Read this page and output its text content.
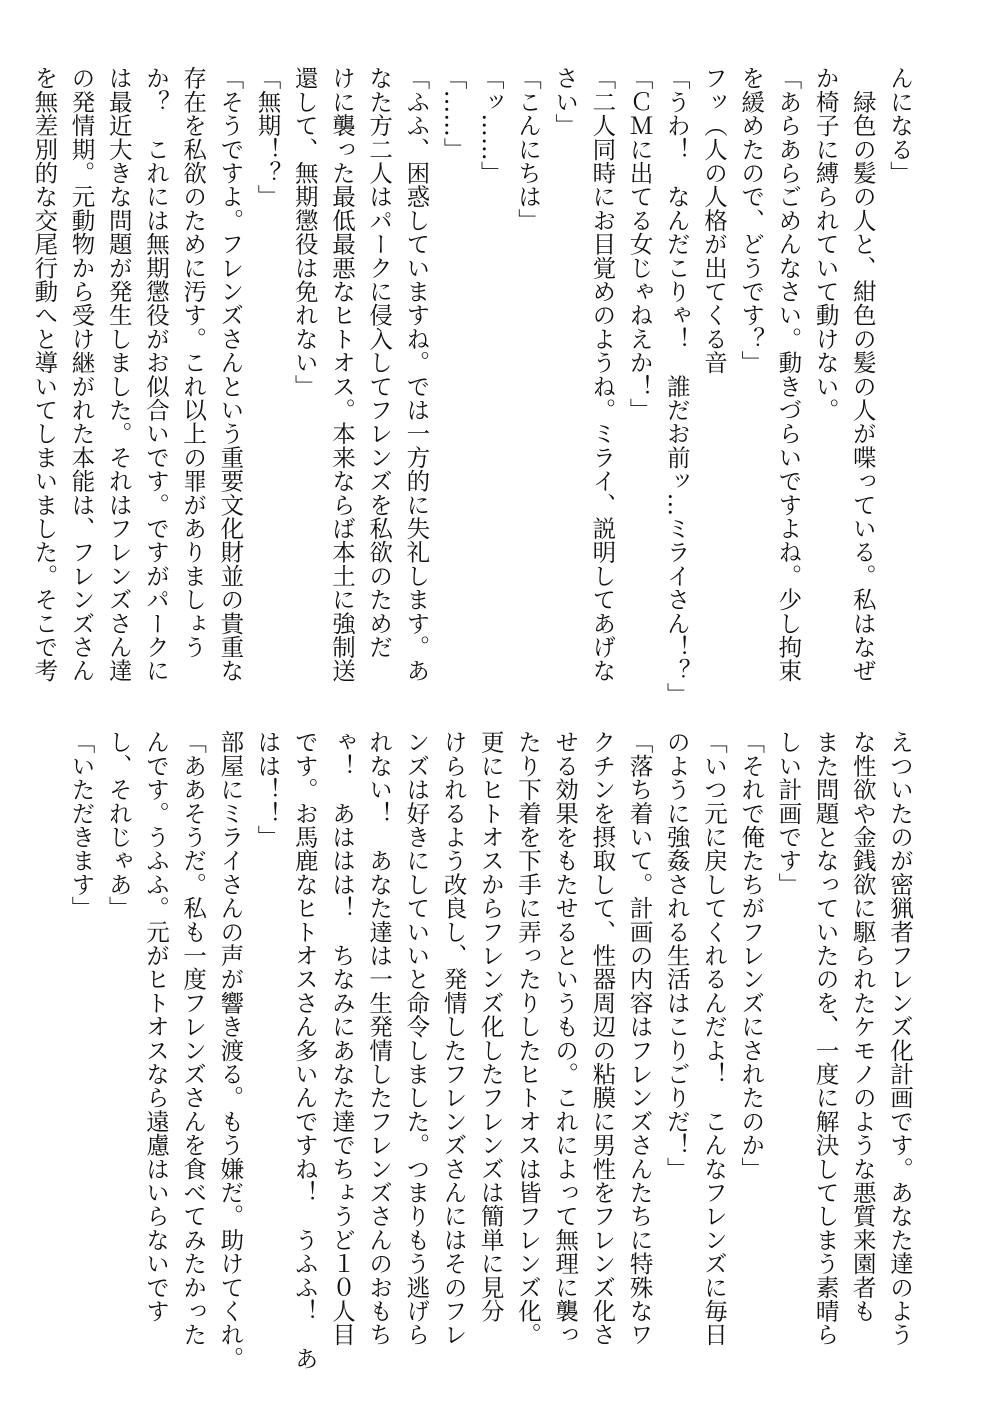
んになる」
　緑色の髪の人と、紺色の髪の人が喋っている。私はなぜ
か椅子に縛られていて動けない。
「あらあらごめんなさい。動きづらいですよね。少し拘束
を緩めたので、どうです？」
フッ（人の人格が出てくる音
「うわ！　なんだこりゃ！　誰だお前ッ…ミライさん！？」
「ＣＭに出てる女じゃねえか！」
「二人同時にお目覚めのようね。ミライ、説明してあげな
さい」
「こんにちは」
「ッ……」
「……」
「ふふ、困惑していますね。では一方的に失礼します。あ
なた方二人はパークに侵入してフレンズを私欲のためだ
けに襲った最低最悪なヒトオス。本来ならば本土に強制送
還して、無期懲役は免れない」
「無期！？」
「そうですよ。フレンズさんという重要文化財並の貴重な
存在を私欲のために汚す。これ以上の罪がありましょう
か？　これには無期懲役がお似合いです。ですがパークに
は最近大きな問題が発生しました。それはフレンズさん達
の発情期。元動物から受け継がれた本能は、フレンズさん
を無差別的な交尾行動へと導いてしまいました。そこで考
えついたのが密猟者フレンズ化計画です。あなた達のよう
な性欲や金銭欲に駆られたケモノのような悪質来園者も
また問題となっていたのを、一度に解決してしまう素晴ら
しい計画です」
「それで俺たちがフレンズにされたのか」
「いつ元に戻してくれるんだよ！　こんなフレンズに毎日
のように強姦される生活はこりごりだ！」
「落ち着いて。計画の内容はフレンズさんたちに特殊なワ
クチンを摂取して、性器周辺の粘膜に男性をフレンズ化さ
せる効果をもたせるというもの。これによって無理に襲っ
たり下着を下手に弄ったりしたヒトオスは皆フレンズ化。
更にヒトオスからフレンズ化したフレンズは簡単に見分
けられるよう改良し、発情したフレンズさんにはそのフレ
ンズは好きにしていいと命令しました。つまりもう逃げら
れない！　あなた達は一生発情したフレンズさんのおもち
ゃ！　あははは！　ちなみにあなた達でちょうど１０人目
です。お馬鹿なヒトオスさん多いんですね！　うふふ！　あ
はは！！」
部屋にミライさんの声が響き渡る。もう嫌だ。助けてくれ。
「ああそうだ。私も一度フレンズさんを食べてみたかった
んです。うふふ。元がヒトオスなら遠慮はいらないです
し、それじゃあ」
「いただきます」
